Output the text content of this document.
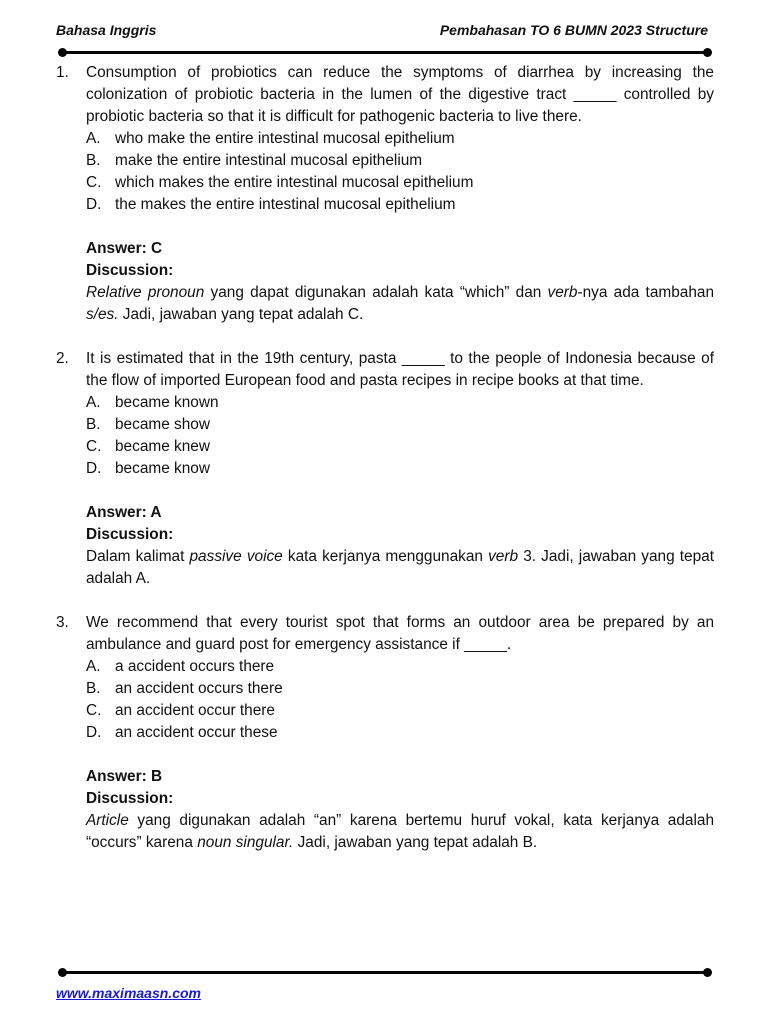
Bahasa Inggris	Pembahasan TO 6 BUMN 2023 Structure
1. Consumption of probiotics can reduce the symptoms of diarrhea by increasing the colonization of probiotic bacteria in the lumen of the digestive tract _____ controlled by probiotic bacteria so that it is difficult for pathogenic bacteria to live there.
A. who make the entire intestinal mucosal epithelium
B. make the entire intestinal mucosal epithelium
C. which makes the entire intestinal mucosal epithelium
D. the makes the entire intestinal mucosal epithelium
Answer: C
Discussion:
Relative pronoun yang dapat digunakan adalah kata “which” dan verb-nya ada tambahan s/es. Jadi, jawaban yang tepat adalah C.
2. It is estimated that in the 19th century, pasta _____ to the people of Indonesia because of the flow of imported European food and pasta recipes in recipe books at that time.
A. became known
B. became show
C. became knew
D. became know
Answer: A
Discussion:
Dalam kalimat passive voice kata kerjanya menggunakan verb 3. Jadi, jawaban yang tepat adalah A.
3. We recommend that every tourist spot that forms an outdoor area be prepared by an ambulance and guard post for emergency assistance if _____.
A. a accident occurs there
B. an accident occurs there
C. an accident occur there
D. an accident occur these
Answer: B
Discussion:
Article yang digunakan adalah “an” karena bertemu huruf vokal, kata kerjanya adalah “occurs” karena noun singular. Jadi, jawaban yang tepat adalah B.
www.maximaasn.com
